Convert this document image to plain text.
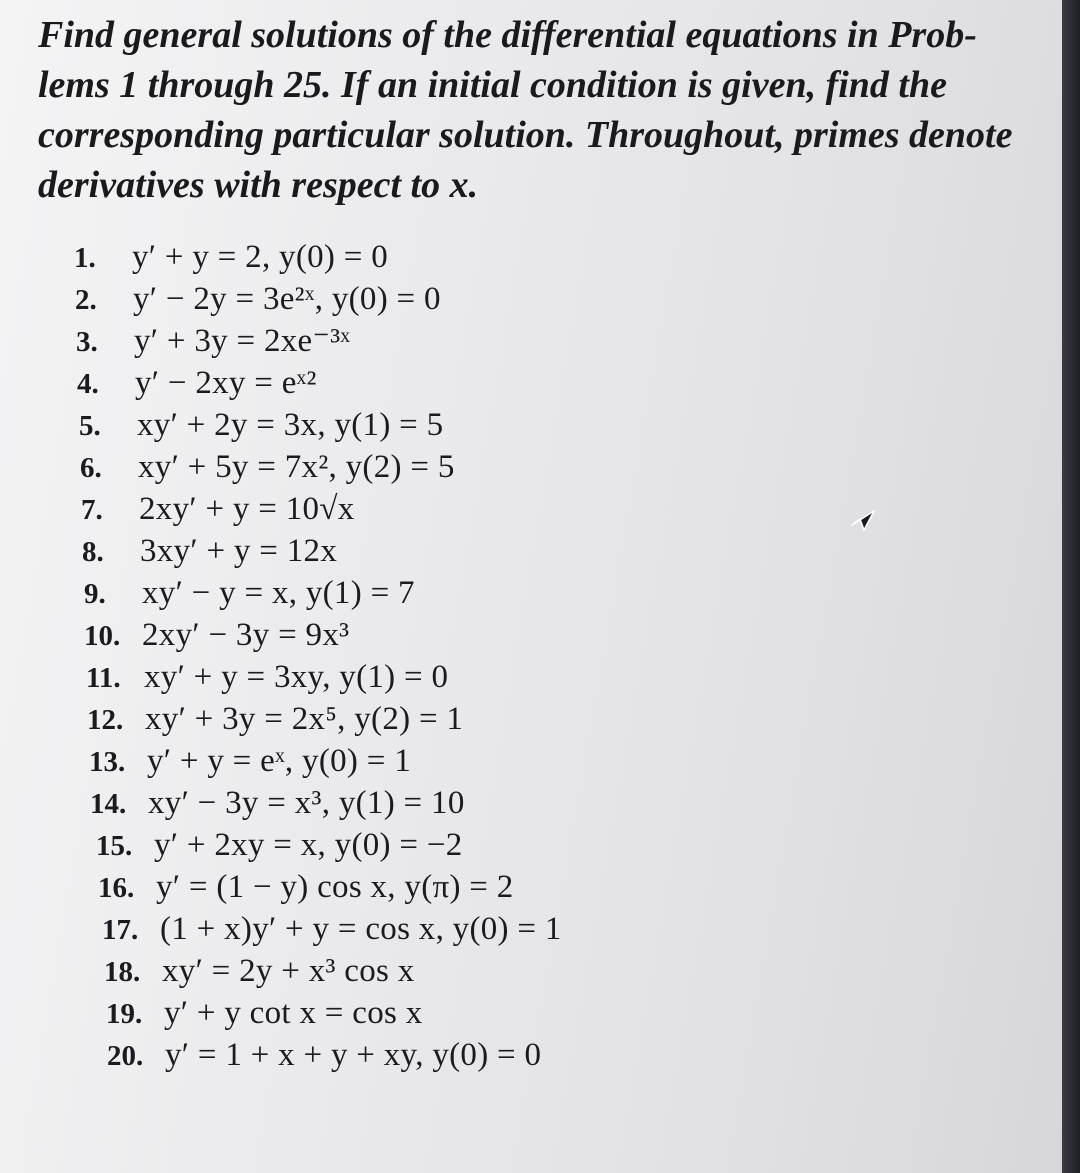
Find general solutions of the differential equations in Prob-
lems 1 through 25. If an initial condition is given, find the
corresponding particular solution. Throughout, primes denote
derivatives with respect to x.

1. y′ + y = 2, y(0) = 0
2. y′ − 2y = 3e²ˣ, y(0) = 0
3. y′ + 3y = 2xe⁻³ˣ
4. y′ − 2xy = eˣ²
5. xy′ + 2y = 3x, y(1) = 5
6. xy′ + 5y = 7x², y(2) = 5
7. 2xy′ + y = 10√x
8. 3xy′ + y = 12x
9. xy′ − y = x, y(1) = 7
10. 2xy′ − 3y = 9x³
11. xy′ + y = 3xy, y(1) = 0
12. xy′ + 3y = 2x⁵, y(2) = 1
13. y′ + y = eˣ, y(0) = 1
14. xy′ − 3y = x³, y(1) = 10
15. y′ + 2xy = x, y(0) = −2
16. y′ = (1 − y) cos x, y(π) = 2
17. (1 + x)y′ + y = cos x, y(0) = 1
18. xy′ = 2y + x³ cos x
19. y′ + y cot x = cos x
20. y′ = 1 + x + y + xy, y(0) = 0
